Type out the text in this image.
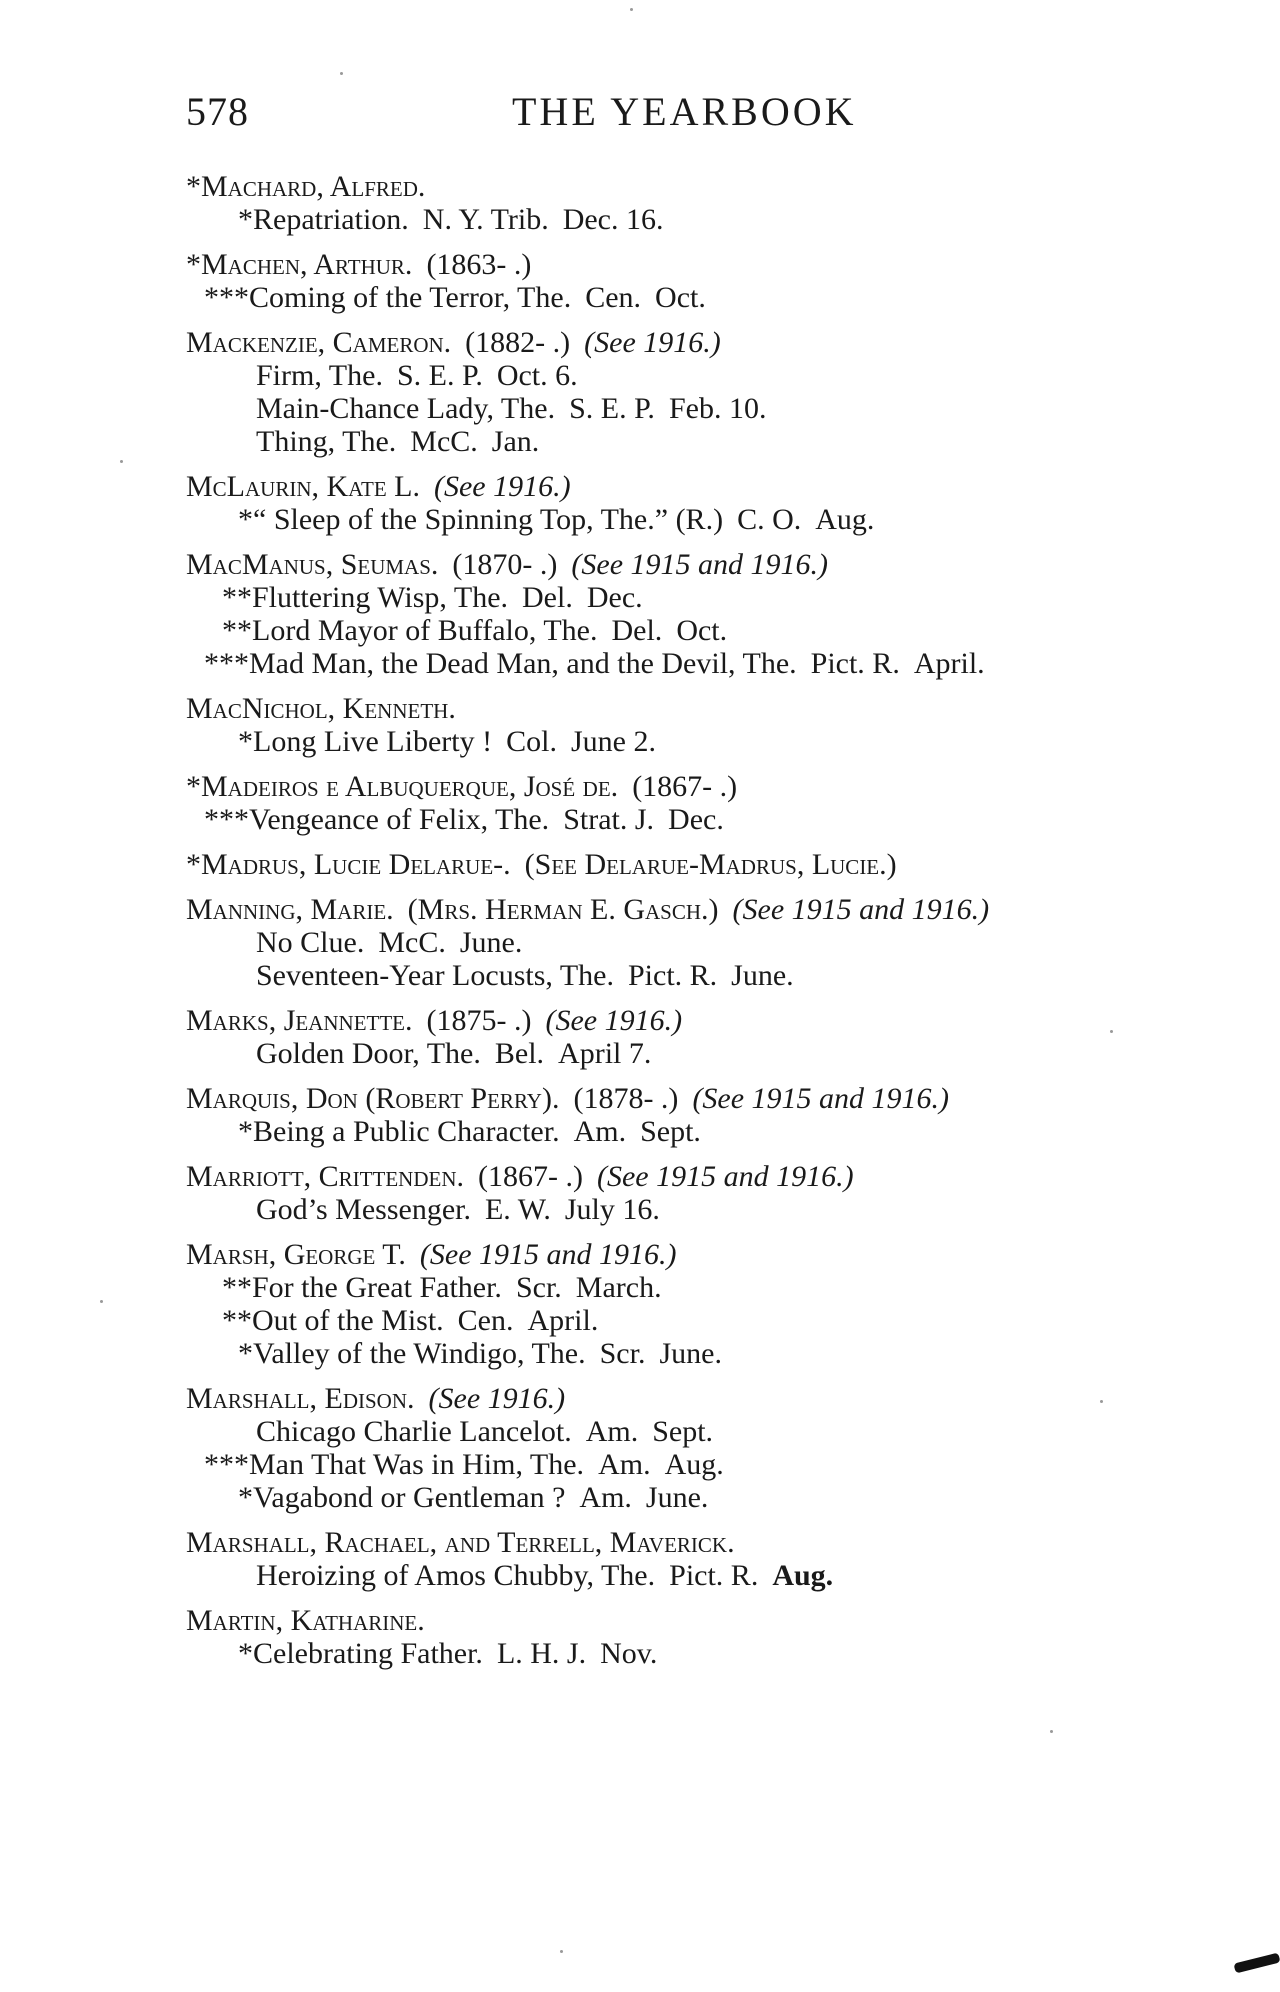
578	THE YEARBOOK
*Machard, Alfred.
*Repatriation. N. Y. Trib. Dec. 16.
*Machen, Arthur. (1863- .)
***Coming of the Terror, The. Cen. Oct.
Mackenzie, Cameron. (1882- .) (See 1916.)
Firm, The. S. E. P. Oct. 6.
Main-Chance Lady, The. S. E. P. Feb. 10.
Thing, The. McC. Jan.
McLaurin, Kate L. (See 1916.)
*“ Sleep of the Spinning Top, The.” (R.) C. O. Aug.
MacManus, Seumas. (1870- .) (See 1915 and 1916.)
**Fluttering Wisp, The. Del. Dec.
**Lord Mayor of Buffalo, The. Del. Oct.
***Mad Man, the Dead Man, and the Devil, The. Pict. R. April.
MacNichol, Kenneth.
*Long Live Liberty ! Col. June 2.
*Madeiros e Albuquerque, José de. (1867- .)
***Vengeance of Felix, The. Strat. J. Dec.
*Madrus, Lucie Delarue-. (See Delarue-Madrus, Lucie.)
Manning, Marie. (Mrs. Herman E. Gasch.) (See 1915 and 1916.)
No Clue. McC. June.
Seventeen-Year Locusts, The. Pict. R. June.
Marks, Jeannette. (1875- .) (See 1916.)
Golden Door, The. Bel. April 7.
Marquis, Don (Robert Perry). (1878- .) (See 1915 and 1916.)
*Being a Public Character. Am. Sept.
Marriott, Crittenden. (1867- .) (See 1915 and 1916.)
God’s Messenger. E. W. July 16.
Marsh, George T. (See 1915 and 1916.)
**For the Great Father. Scr. March.
**Out of the Mist. Cen. April.
*Valley of the Windigo, The. Scr. June.
Marshall, Edison. (See 1916.)
Chicago Charlie Lancelot. Am. Sept.
***Man That Was in Him, The. Am. Aug.
*Vagabond or Gentleman ? Am. June.
Marshall, Rachael, and Terrell, Maverick.
Heroizing of Amos Chubby, The. Pict. R. Aug.
Martin, Katharine.
*Celebrating Father. L. H. J. Nov.
